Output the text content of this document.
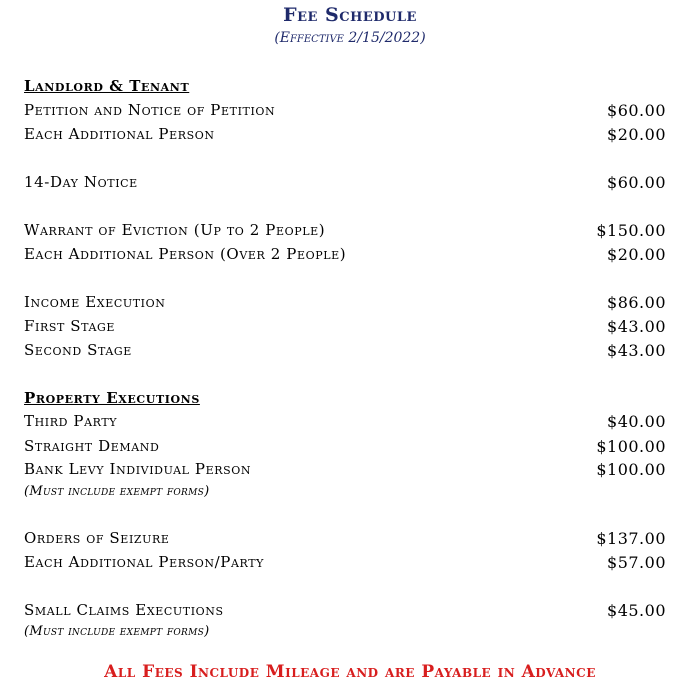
Fee Schedule
(Effective 2/15/2022)
Landlord & Tenant
Petition and Notice of Petition	$60.00
Each Additional Person	$20.00
14-Day Notice	$60.00
Warrant of Eviction (Up to 2 People)	$150.00
Each Additional Person (Over 2 People)	$20.00
Income Execution	$86.00
First Stage	$43.00
Second Stage	$43.00
Property Executions
Third Party	$40.00
Straight Demand	$100.00
Bank Levy Individual Person	$100.00
(Must include exempt forms)
Orders of Seizure	$137.00
Each Additional Person/Party	$57.00
Small Claims Executions	$45.00
(Must include exempt forms)
All Fees Include Mileage and are Payable in Advance
